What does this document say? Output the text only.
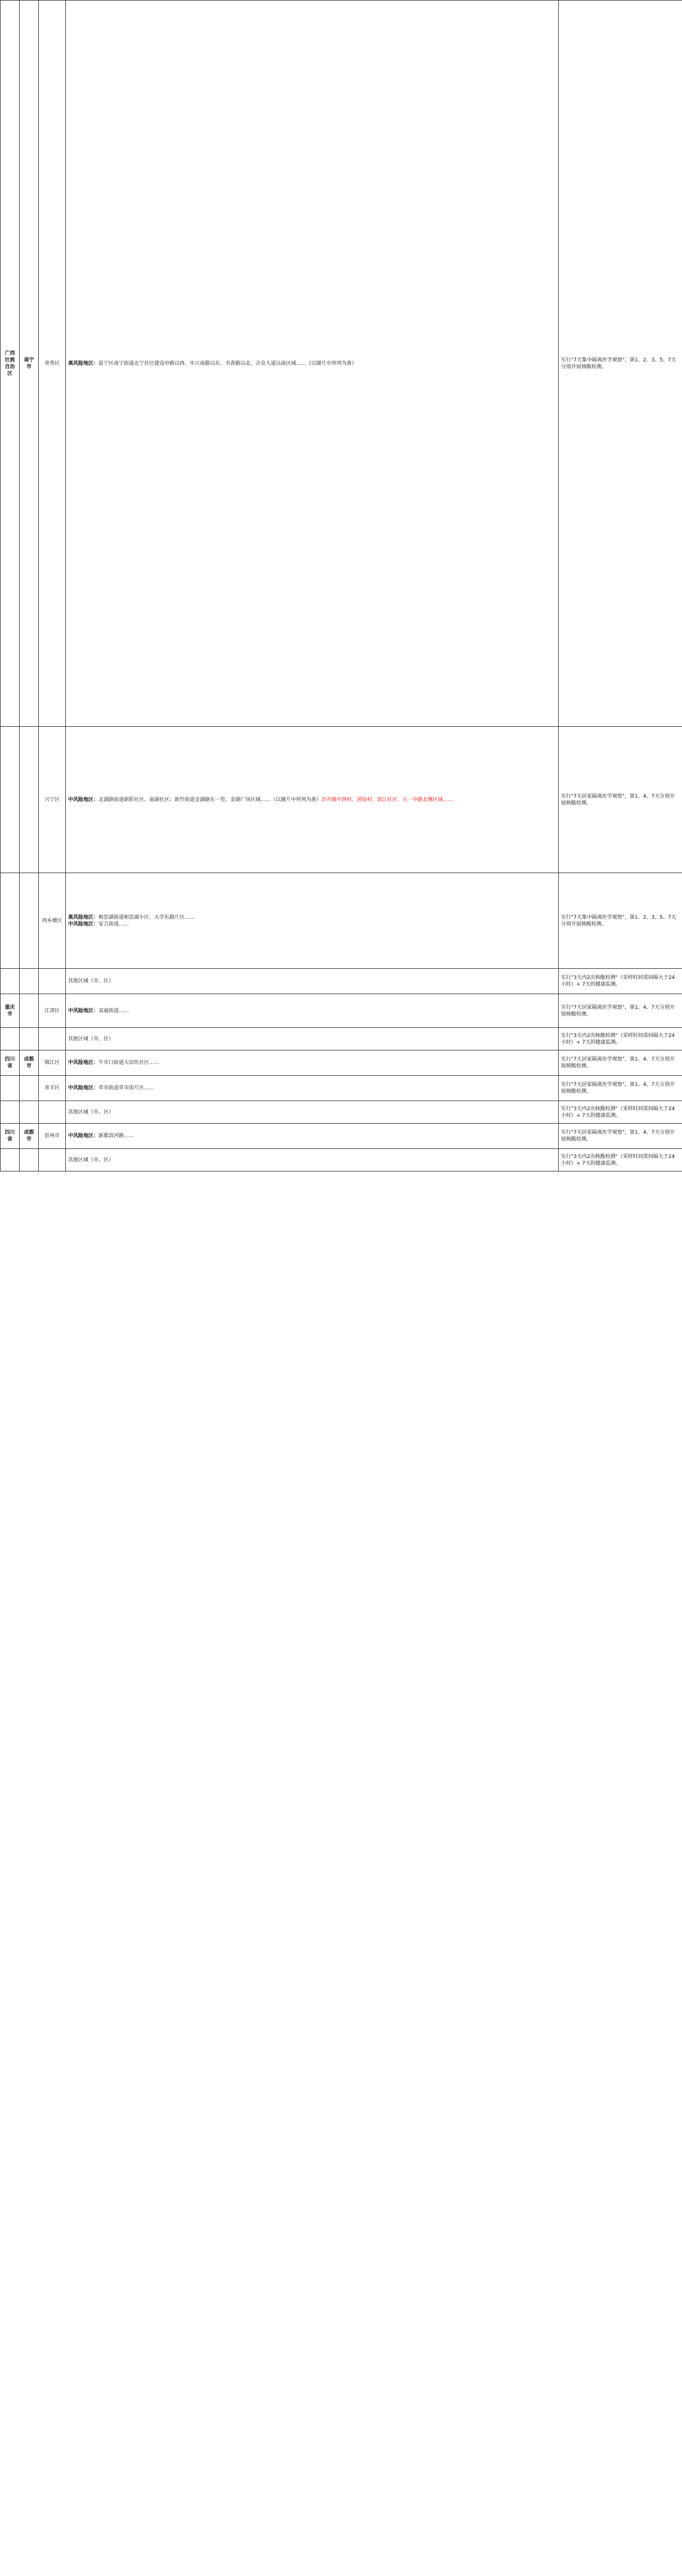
广西壮族自治区	南宁市	青秀区	高风险地区：邕宁区南宁街道北宁社区建设中路以西、中兴南路以东、书香路以北、合众大道以南区域……（以图片中所列为准）	实行"7天集中隔离医学观察"，第1、2、3、5、7天分别开展核酸检测。
		兴宁区	中风险地区：北湖路街道新阳社区、南湖社区；新竹街道金湖路东一里、金湖广场区域……（以图片中所列为准）沙井镇中西村、团结村、滨江社区、五一中路北侧区域……	实行"7天居家隔离医学观察"，第1、4、7天分别开展核酸检测。
		西乡塘区	高风险地区：相思湖街道相思湖小区、大学东路片区……
中风险地区：安吉街道……	实行"7天集中隔离医学观察"，第1、2、3、5、7天分别开展核酸检测。

			其他区域（市、区）	实行"3天内2次核酸检测"（采样时间需间隔大于24小时）+ 7天的健康监测。
重庆市		江津区	中风险地区：双福街道……	实行"7天居家隔离医学观察"，第1、4、7天分别开展核酸检测。

			其他区域（市、区）	实行"3天内2次核酸检测"（采样时间需间隔大于24小时）+ 7天的健康监测。
四川省	成都市	锦江区	中风险地区：牛市口街道大田坎社区……	实行"7天居家隔离医学观察"，第1、4、7天分别开展核酸检测。
		青羊区	中风险地区：草市街道草市街片区……	实行"7天居家隔离医学观察"，第1、4、7天分别开展核酸检测。

			其他区域（市、区）	实行"3天内2次核酸检测"（采样时间需间隔大于24小时）+ 7天的健康监测。
四川省	成都市	彭州市	中风险地区：新都滨河路……	实行"7天居家隔离医学观察"，第1、4、7天分别开展核酸检测。

			其他区域（市、区）	实行"3天内2次核酸检测"（采样时间需间隔大于24小时）+ 7天的健康监测。
